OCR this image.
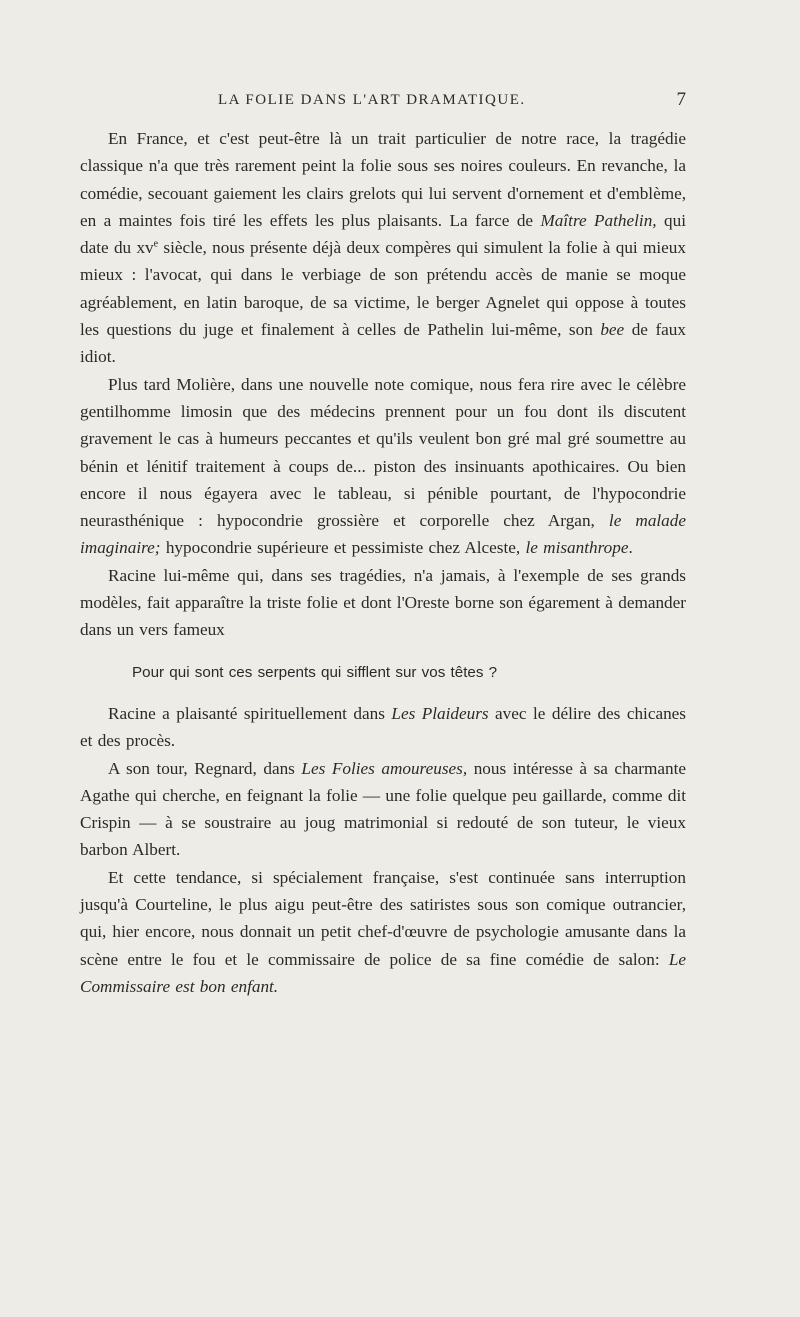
LA FOLIE DANS L'ART DRAMATIQUE.	7

En France, et c'est peut-être là un trait particulier de notre race, la tragédie classique n'a que très rarement peint la folie sous ses noires couleurs. En revanche, la comédie, secouant gaiement les clairs grelots qui lui servent d'ornement et d'emblème, en a maintes fois tiré les effets les plus plaisants. La farce de Maître Pathelin, qui date du $xv^e$ siècle, nous présente déjà deux compères qui simulent la folie à qui mieux mieux : l'avocat, qui dans le verbiage de son prétendu accès de manie se moque agréablement, en latin baroque, de sa victime, le berger Agnelet qui oppose à toutes les questions du juge et finalement à celles de Pathelin lui-même, son bee de faux idiot.

Plus tard Molière, dans une nouvelle note comique, nous fera rire avec le célèbre gentilhomme limosin que des médecins prennent pour un fou dont ils discutent gravement le cas à humeurs peccantes et qu'ils veulent bon gré mal gré soumettre au bénin et lénitif traitement à coups de... piston des insinuants apothicaires. Ou bien encore il nous égayera avec le tableau, si pénible pourtant, de l'hypocondrie neurasthénique : hypocondrie grossière et corporelle chez Argan, le malade imaginaire; hypocondrie supérieure et pessimiste chez Alceste, le misanthrope.

Racine lui-même qui, dans ses tragédies, n'a jamais, à l'exemple de ses grands modèles, fait apparaître la triste folie et dont l'Oreste borne son égarement à demander dans un vers fameux

Pour qui sont ces serpents qui sifflent sur vos têtes ?

Racine a plaisanté spirituellement dans Les Plaideurs avec le délire des chicanes et des procès.

A son tour, Regnard, dans Les Folies amoureuses, nous intéresse à sa charmante Agathe qui cherche, en feignant la folie — une folie quelque peu gaillarde, comme dit Crispin — à se soustraire au joug matrimonial si redouté de son tuteur, le vieux barbon Albert.

Et cette tendance, si spécialement française, s'est continuée sans interruption jusqu'à Courteline, le plus aigu peut-être des satiristes sous son comique outrancier, qui, hier encore, nous donnait un petit chef-d'œuvre de psychologie amusante dans la scène entre le fou et le commissaire de police de sa fine comédie de salon: Le Commissaire est bon enfant.
